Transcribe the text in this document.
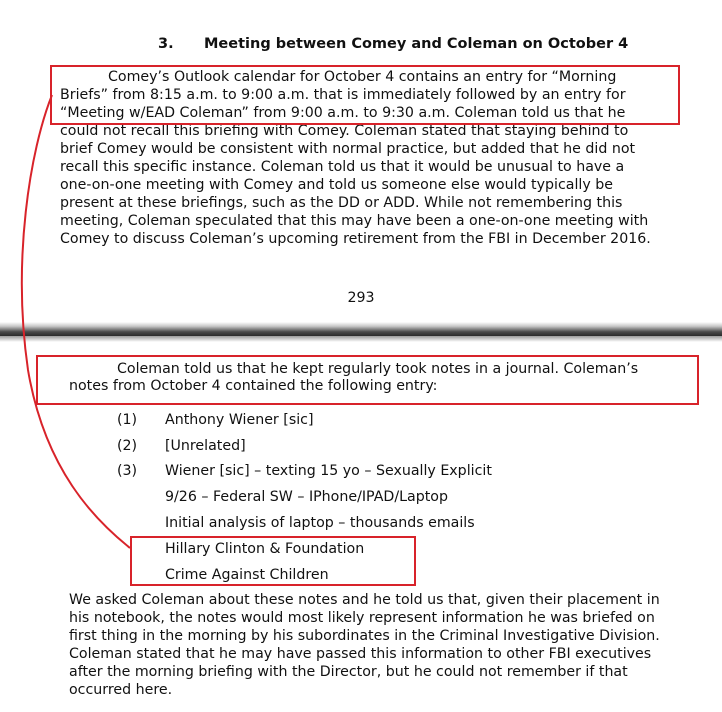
3. Meeting between Comey and Coleman on October 4
Comey’s Outlook calendar for October 4 contains an entry for “Morning
Briefs” from 8:15 a.m. to 9:00 a.m. that is immediately followed by an entry for
“Meeting w/EAD Coleman” from 9:00 a.m. to 9:30 a.m. Coleman told us that he
could not recall this briefing with Comey. Coleman stated that staying behind to
brief Comey would be consistent with normal practice, but added that he did not
recall this specific instance. Coleman told us that it would be unusual to have a
one-on-one meeting with Comey and told us someone else would typically be
present at these briefings, such as the DD or ADD. While not remembering this
meeting, Coleman speculated that this may have been a one-on-one meeting with
Comey to discuss Coleman’s upcoming retirement from the FBI in December 2016.
293
Coleman told us that he kept regularly took notes in a journal. Coleman’s
notes from October 4 contained the following entry:
(1) Anthony Wiener [sic]
(2) [Unrelated]
(3) Wiener [sic] – texting 15 yo – Sexually Explicit
9/26 – Federal SW – IPhone/IPAD/Laptop
Initial analysis of laptop – thousands emails
Hillary Clinton & Foundation
Crime Against Children
We asked Coleman about these notes and he told us that, given their placement in
his notebook, the notes would most likely represent information he was briefed on
first thing in the morning by his subordinates in the Criminal Investigative Division.
Coleman stated that he may have passed this information to other FBI executives
after the morning briefing with the Director, but he could not remember if that
occurred here.
